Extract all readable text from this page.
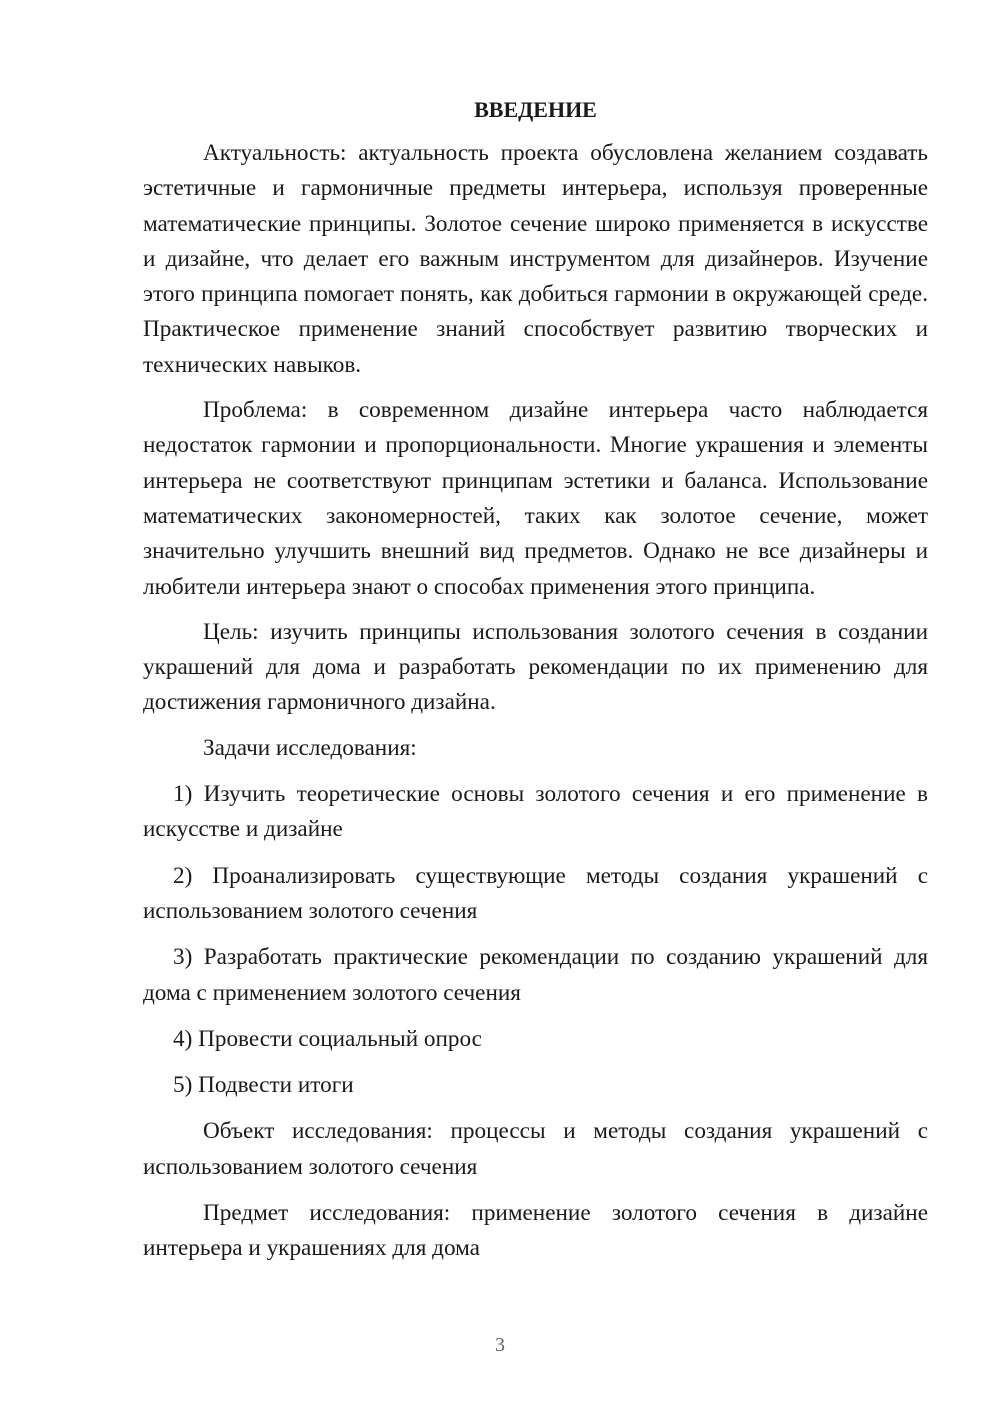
ВВЕДЕНИЕ

Актуальность: актуальность проекта обусловлена желанием создавать эстетичные и гармоничные предметы интерьера, используя проверенные математические принципы. Золотое сечение широко применяется в искусстве и дизайне, что делает его важным инструментом для дизайнеров. Изучение этого принципа помогает понять, как добиться гармонии в окружающей среде. Практическое применение знаний способствует развитию творческих и технических навыков.

Проблема: в современном дизайне интерьера часто наблюдается недостаток гармонии и пропорциональности. Многие украшения и элементы интерьера не соответствуют принципам эстетики и баланса. Использование математических закономерностей, таких как золотое сечение, может значительно улучшить внешний вид предметов. Однако не все дизайнеры и любители интерьера знают о способах применения этого принципа.

Цель: изучить принципы использования золотого сечения в создании украшений для дома и разработать рекомендации по их применению для достижения гармоничного дизайна.

Задачи исследования:

1) Изучить теоретические основы золотого сечения и его применение в искусстве и дизайне

2) Проанализировать существующие методы создания украшений с использованием золотого сечения

3) Разработать практические рекомендации по созданию украшений для дома с применением золотого сечения

4) Провести социальный опрос

5) Подвести итоги

Объект исследования: процессы и методы создания украшений с использованием золотого сечения

Предмет исследования: применение золотого сечения в дизайне интерьера и украшениях для дома

3
